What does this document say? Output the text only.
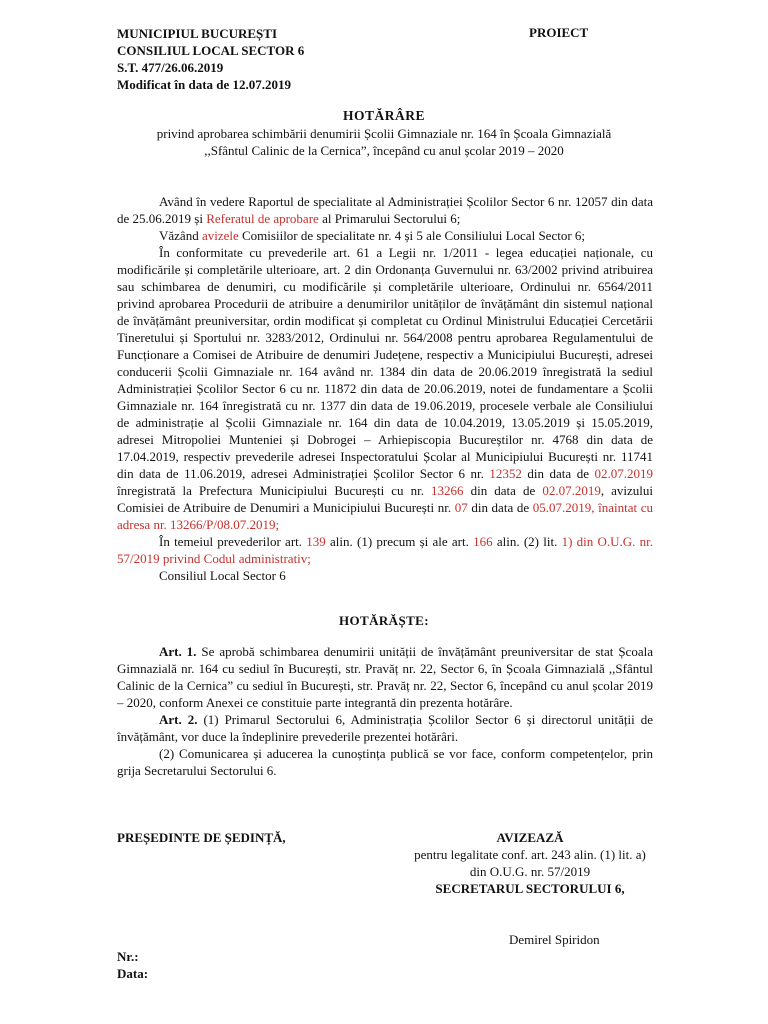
MUNICIPIUL BUCUREȘTI
CONSILIUL LOCAL SECTOR 6
S.T. 477/26.06.2019
Modificat în data de 12.07.2019
PROIECT
HOTĂRÂRE
privind aprobarea schimbării denumirii Școlii Gimnaziale nr. 164 în Școala Gimnazială
,,Sfântul Calinic de la Cernica”, începând cu anul școlar 2019 – 2020

Având în vedere Raportul de specialitate al Administrației Școlilor Sector 6 nr. 12057 din data de 25.06.2019 și Referatul de aprobare al Primarului Sectorului 6;

Văzând avizele Comisiilor de specialitate nr. 4 și 5 ale Consiliului Local Sector 6;

În conformitate cu prevederile art. 61 a Legii nr. 1/2011 - legea educației naționale, cu modificările și completările ulterioare, art. 2 din Ordonanța Guvernului nr. 63/2002 privind atribuirea sau schimbarea de denumiri, cu modificările și completările ulterioare, Ordinului nr. 6564/2011 privind aprobarea Procedurii de atribuire a denumirilor unităților de învățământ din sistemul național de învățământ preuniversitar, ordin modificat și completat cu Ordinul Ministrului Educației Cercetării Tineretului și Sportului nr. 3283/2012, Ordinului nr. 564/2008 pentru aprobarea Regulamentului de Funcționare a Comisei de Atribuire de denumiri Județene, respectiv a Municipiului București, adresei conducerii Școlii Gimnaziale nr. 164 având nr. 1384 din data de 20.06.2019 înregistrată la sediul Administrației Școlilor Sector 6 cu nr. 11872 din data de 20.06.2019, notei de fundamentare a Școlii Gimnaziale nr. 164 înregistrată cu nr. 1377 din data de 19.06.2019, procesele verbale ale Consiliului de administrație al Școlii Gimnaziale nr. 164 din data de 10.04.2019, 13.05.2019 și 15.05.2019, adresei Mitropoliei Munteniei și Dobrogei – Arhiepiscopia Bucureștilor nr. 4768 din data de 17.04.2019, respectiv prevederile adresei Inspectoratului Școlar al Municipiului București nr. 11741 din data de 11.06.2019, adresei Administrației Școlilor Sector 6 nr. 12352 din data de 02.07.2019 înregistrată la Prefectura Municipiului București cu nr. 13266 din data de 02.07.2019, avizului Comisiei de Atribuire de Denumiri a Municipiului București nr. 07 din data de 05.07.2019, înaintat cu adresa nr. 13266/P/08.07.2019;

În temeiul prevederilor art. 139 alin. (1) precum și ale art. 166 alin. (2) lit. 1) din O.U.G. nr. 57/2019 privind Codul administrativ;

Consiliul Local Sector 6

HOTĂRĂȘTE:

Art. 1. Se aprobă schimbarea denumirii unității de învățământ preuniversitar de stat Școala Gimnazială nr. 164 cu sediul în București, str. Pravăț nr. 22, Sector 6, în Școala Gimnazială ,,Sfântul Calinic de la Cernica” cu sediul în București, str. Pravăț nr. 22, Sector 6, începând cu anul școlar 2019 – 2020, conform Anexei ce constituie parte integrantă din prezenta hotărâre.

Art. 2. (1) Primarul Sectorului 6, Administrația Școlilor Sector 6 și directorul unității de învățământ, vor duce la îndeplinire prevederile prezentei hotărâri.

(2) Comunicarea și aducerea la cunoștința publică se vor face, conform competențelor, prin grija Secretarului Sectorului 6.

PREȘEDINTE DE ȘEDINȚĂ,	AVIZEAZĂ
pentru legalitate conf. art. 243 alin. (1) lit. a)
din O.U.G. nr. 57/2019
SECRETARUL SECTORULUI 6,
Demirel Spiridon
Nr.:
Data:
